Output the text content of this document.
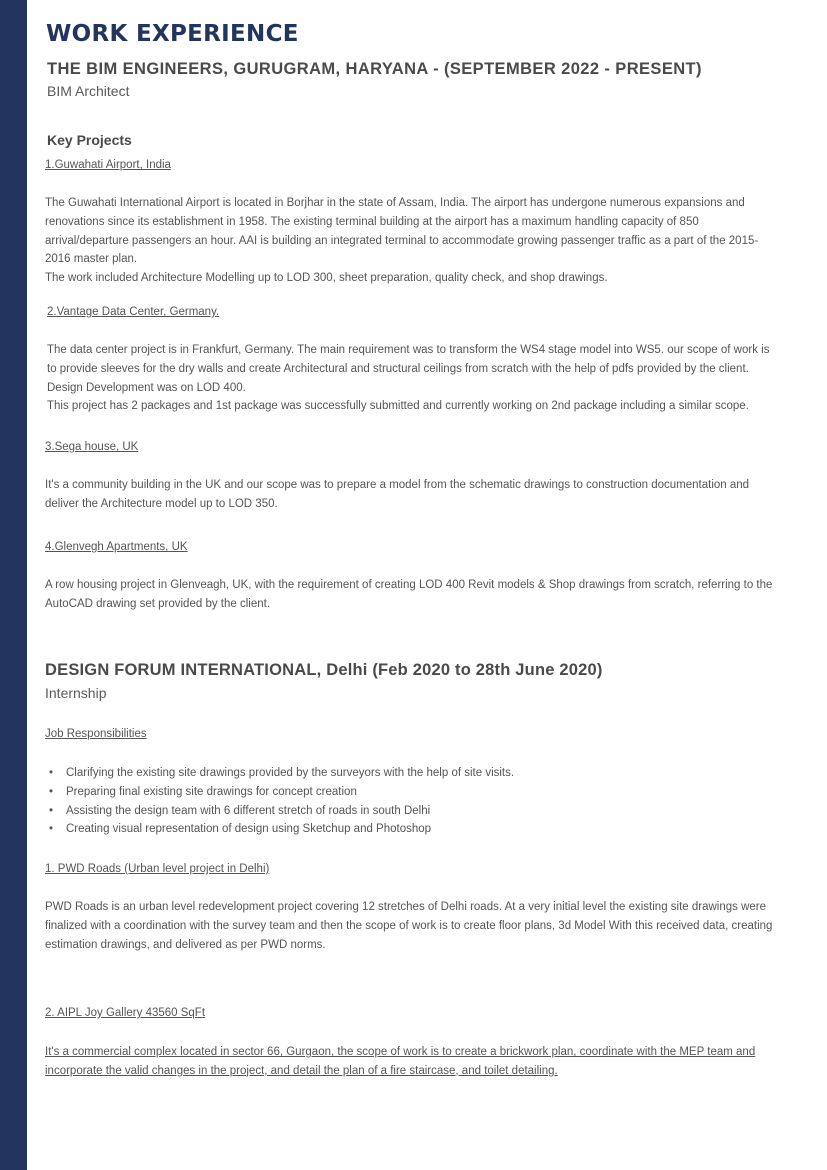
WORK EXPERIENCE
THE BIM ENGINEERS, GURUGRAM, HARYANA - (SEPTEMBER 2022 - PRESENT)
BIM Architect
Key Projects
1.Guwahati Airport, India

The Guwahati International Airport is located in Borjhar in the state of Assam, India. The airport has undergone numerous expansions and renovations since its establishment in 1958. The existing terminal building at the airport has a maximum handling capacity of 850 arrival/departure passengers an hour. AAI is building an integrated terminal to accommodate growing passenger traffic as a part of the 2015-2016 master plan.

The work included Architecture Modelling up to LOD 300, sheet preparation, quality check, and shop drawings.

2.Vantage Data Center, Germany.

The data center project is in Frankfurt, Germany. The main requirement was to transform the WS4 stage model into WS5. our scope of work is to provide sleeves for the dry walls and create Architectural and structural ceilings from scratch with the help of pdfs provided by the client. Design Development was on LOD 400.

This project has 2 packages and 1st package was successfully submitted and currently working on 2nd package including a similar scope.

3.Sega house, UK

It's a community building in the UK and our scope was to prepare a model from the schematic drawings to construction documentation and deliver the Architecture model up to LOD 350.

4.Glenvegh Apartments, UK

A row housing project in Glenveagh, UK, with the requirement of creating LOD 400 Revit models & Shop drawings from scratch, referring to the AutoCAD drawing set provided by the client.

DESIGN FORUM INTERNATIONAL, Delhi (Feb 2020 to 28th June 2020)
Internship
Job Responsibilities
• Clarifying the existing site drawings provided by the surveyors with the help of site visits.
• Preparing final existing site drawings for concept creation
• Assisting the design team with 6 different stretch of roads in south Delhi
• Creating visual representation of design using Sketchup and Photoshop
1. PWD Roads (Urban level project in Delhi)

PWD Roads is an urban level redevelopment project covering 12 stretches of Delhi roads. At a very initial level the existing site drawings were finalized with a coordination with the survey team and then the scope of work is to create floor plans, 3d Model With this received data, creating estimation drawings, and delivered as per PWD norms.

2. AIPL Joy Gallery 43560 SqFt

It's a commercial complex located in sector 66, Gurgaon, the scope of work is to create a brickwork plan, coordinate with the MEP team and incorporate the valid changes in the project, and detail the plan of a fire staircase, and toilet detailing.
